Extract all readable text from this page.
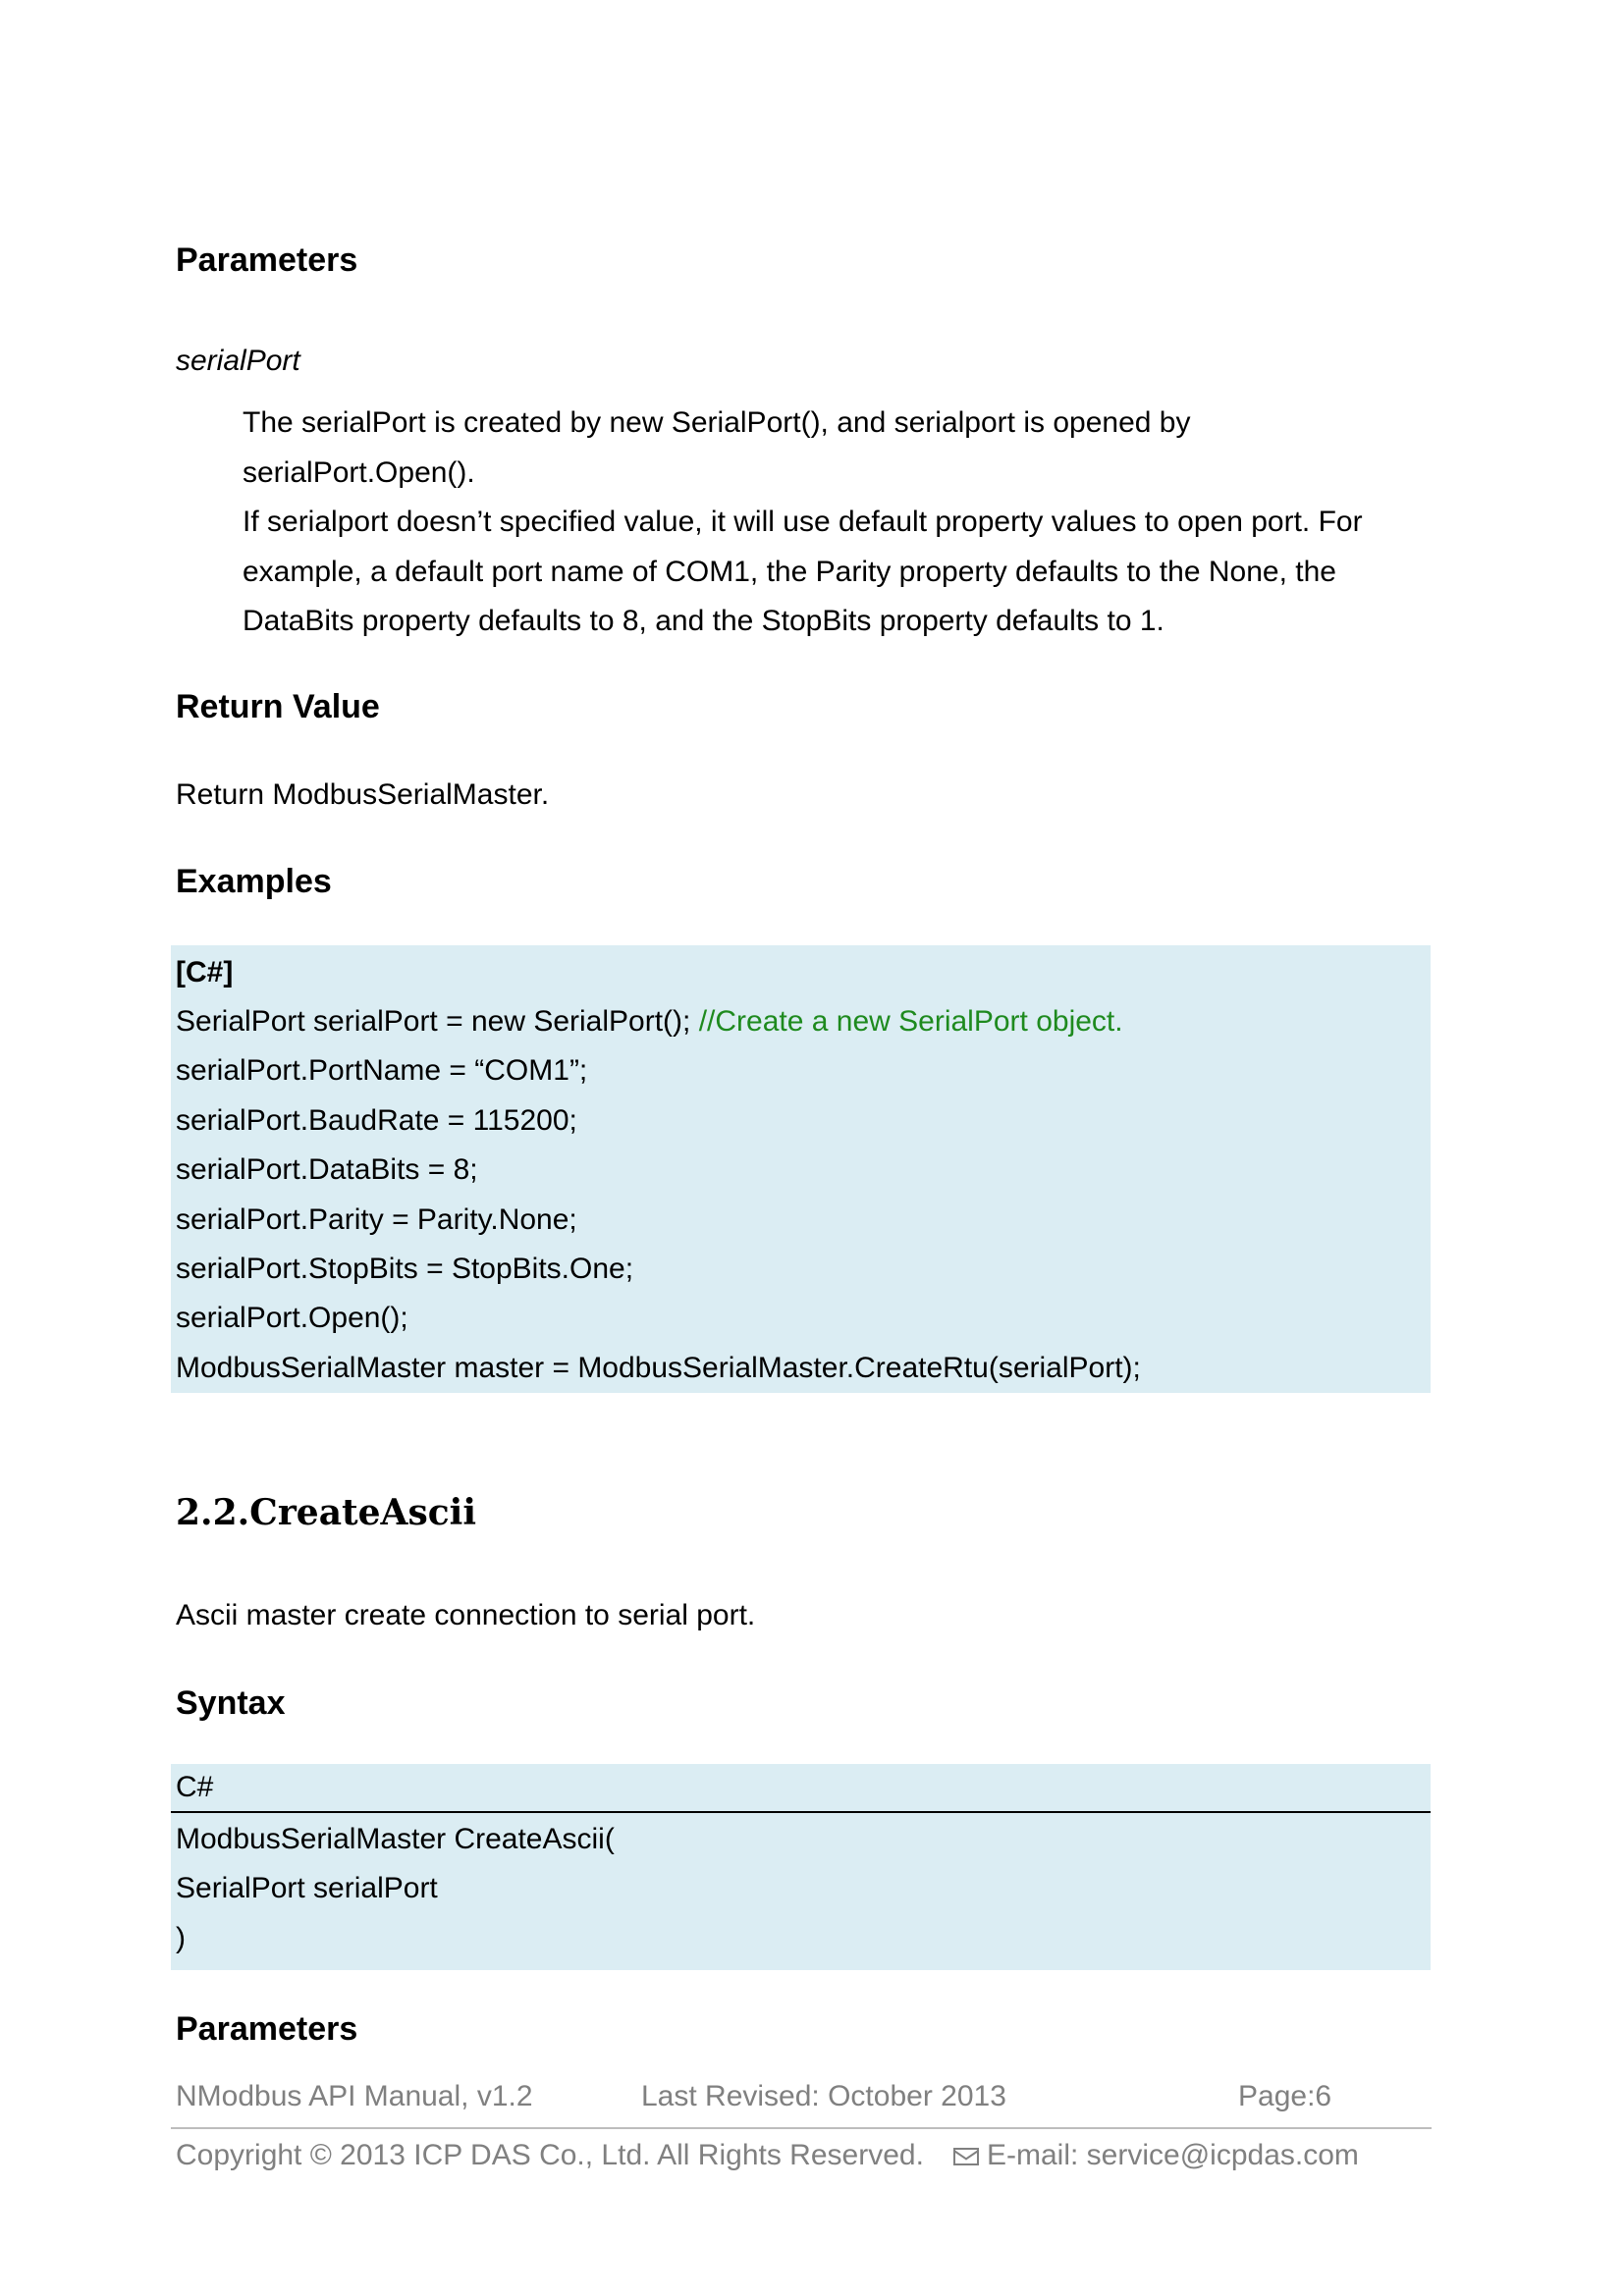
Parameters
serialPort

The serialPort is created by new SerialPort(), and serialport is opened by serialPort.Open().

If serialport doesn’t specified value, it will use default property values to open port. For example, a default port name of COM1, the Parity property defaults to the None, the DataBits property defaults to 8, and the StopBits property defaults to 1.

Return Value

Return ModbusSerialMaster.

Examples
[C#]
SerialPort serialPort = new SerialPort(); //Create a new SerialPort object.
serialPort.PortName = “COM1”;
serialPort.BaudRate = 115200;
serialPort.DataBits = 8;
serialPort.Parity = Parity.None;
serialPort.StopBits = StopBits.One;
serialPort.Open();
ModbusSerialMaster master = ModbusSerialMaster.CreateRtu(serialPort);
2.2.CreateAscii

Ascii master create connection to serial port.

Syntax
C#
ModbusSerialMaster CreateAscii(
SerialPort serialPort
)
Parameters
NModbus API Manual, v1.2	Last Revised: October 2013	Page:6
Copyright © 2013 ICP DAS Co., Ltd. All Rights Reserved.	E-mail: service@icpdas.com
